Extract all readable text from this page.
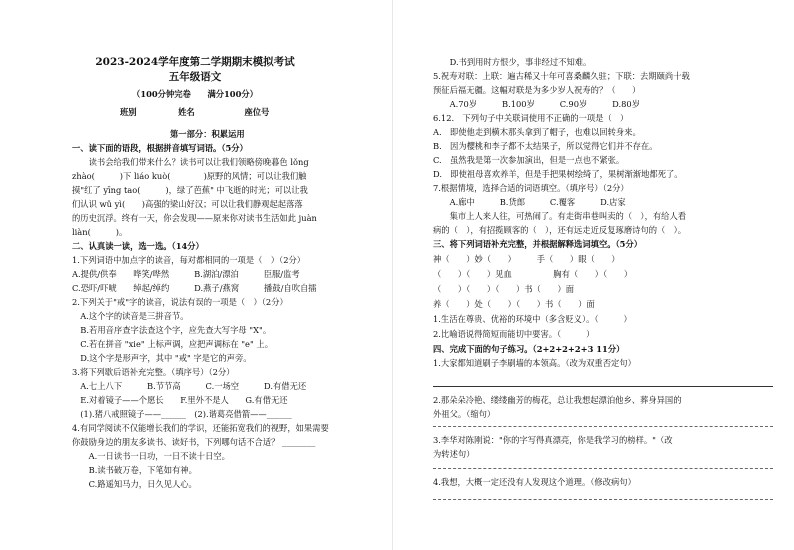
2023-2024学年度第二学期期末模拟考试
五年级语文
（100分钟完卷　　满分100分）
班别　　　　　姓名　　　　　　座位号
第一部分：积累运用
一、读下面的语段，根据拼音填写词语。（5分）
　　读书会给我们带来什么？读书可以让我们领略傍晚暮色 lǒng
zhào(　　　)下 liáo kuò(　　　　)原野的风情；可以让我们触
摸"红了 yīng tao(　　　)，绿了芭蕉" 中飞逝的时光；可以让我
们认识 wǔ yì(　　)高强的梁山好汉；可以让我们静观起起落落
的历史沉浮。终有一天，你会发现——原来你对读书生活如此 juàn
liàn(　　　)。
二、认真读一读，选一选。（14分）
1.下列词语中加点字的读音，每对都相同的一项是（　）（2分）
A.提供/供奉　　哗笑/哗然　　　B.湖泊/漂泊　　　臣服/监考
C.恐吓/吓唬　　绰起/绰约　　　D.燕子/燕窝　　　播鼓/自吹自擂
2.下列关于"戒"字的读音，说法有误的一项是（　）（2分）
　A.这个字的读音是三拼音节。
　B.若用音序查字法查这个字，应先查大写字母 "X"。
　C.若在拼音 "xie" 上标声调，应把声调标在 "e" 上。
　D.这个字是形声字，其中 "戒" 字是它的声旁。
3.将下列歇后语补充完整。（填序号）（2分）
　A.七上八下　　　B.节节高　　　C.一场空　　　D.有借无还
　E.对着镜子——个愿长　　F.里外不是人　　G.有借无还
　(1).猪八戒照镜子——______　(2).谐葛亮借箭——______
4.有同学阅读不仅能增长我们的学识，还能拓宽我们的视野，如果需要
你鼓励身边的朋友多读书、读好书，下列哪句话不合适？ ________
　　A.一日读书一日功，一日不读十日空。
　　B.读书破万卷，下笔如有神。
　　C.路遥知马力，日久见人心。
　　D.书到用时方恨少，事非经过不知难。
5.祝寿对联：上联：遍古稀又十年可喜桑麟久驻；下联：去期颐尚十载
预征后福无疆。这幅对联是为多少岁人祝寿的？（　　）
　　A.70岁　　　B.100岁　　　C.90岁　　　D.80岁
6.12.　下列句子中关联词使用不正确的一项是（　）
A.　即使他走到横木那头拿到了帽子，也难以回转身来。
B.　因为樱桃和李子都不太结果子，所以觉得它们并不存在。
C.　虽然我是第一次参加演出，但是一点也不紧张。
D.　即使祖母喜欢养羊，但是手把果树绘绮了，果树渐渐地都死了。
7.根据情境，选择合适的词语填空。（填序号）（2分）
　　A.廊中　　　B.货郎　　　C.覆客　　　D.店家
　　集市上人来人往，可热闹了。有走街串巷叫卖的（　），有给人看
病的（　），有招揽顾客的（　），还有远走近反复琢磨诗句的（　）。
三、将下列词语补充完整，并根据解释选词填空。（5分）
神（　　）妙（　　）　　　手（　　）眼（　　）
（　　）（　　）见血　　　　　胸有（　　）（　　）
（　　）（　　）（　　）书（　　）面
养（　　）处（　　）（　　）书（　　）面
1.生活在尊贵、优裕的环境中（多含贬义）。（　　　）
2.比喻语说得简短而能切中要害。（　　　）
四、完成下面的句子练习。（2+2+2+2+3 11分）
1.大家都知道刷子李刷墙的本领高。（改为双重否定句）
2.那朵朵冷艳、缕缕幽芳的梅花，总让我想起漂泊他乡、葬身异国的
外祖父。（缩句）
3.李华对陈刚说："你的字写得真漂亮，你是我学习的榜样。"（改
为转述句）
4.我想，大概一定还没有人发现这个道理。（修改病句）
